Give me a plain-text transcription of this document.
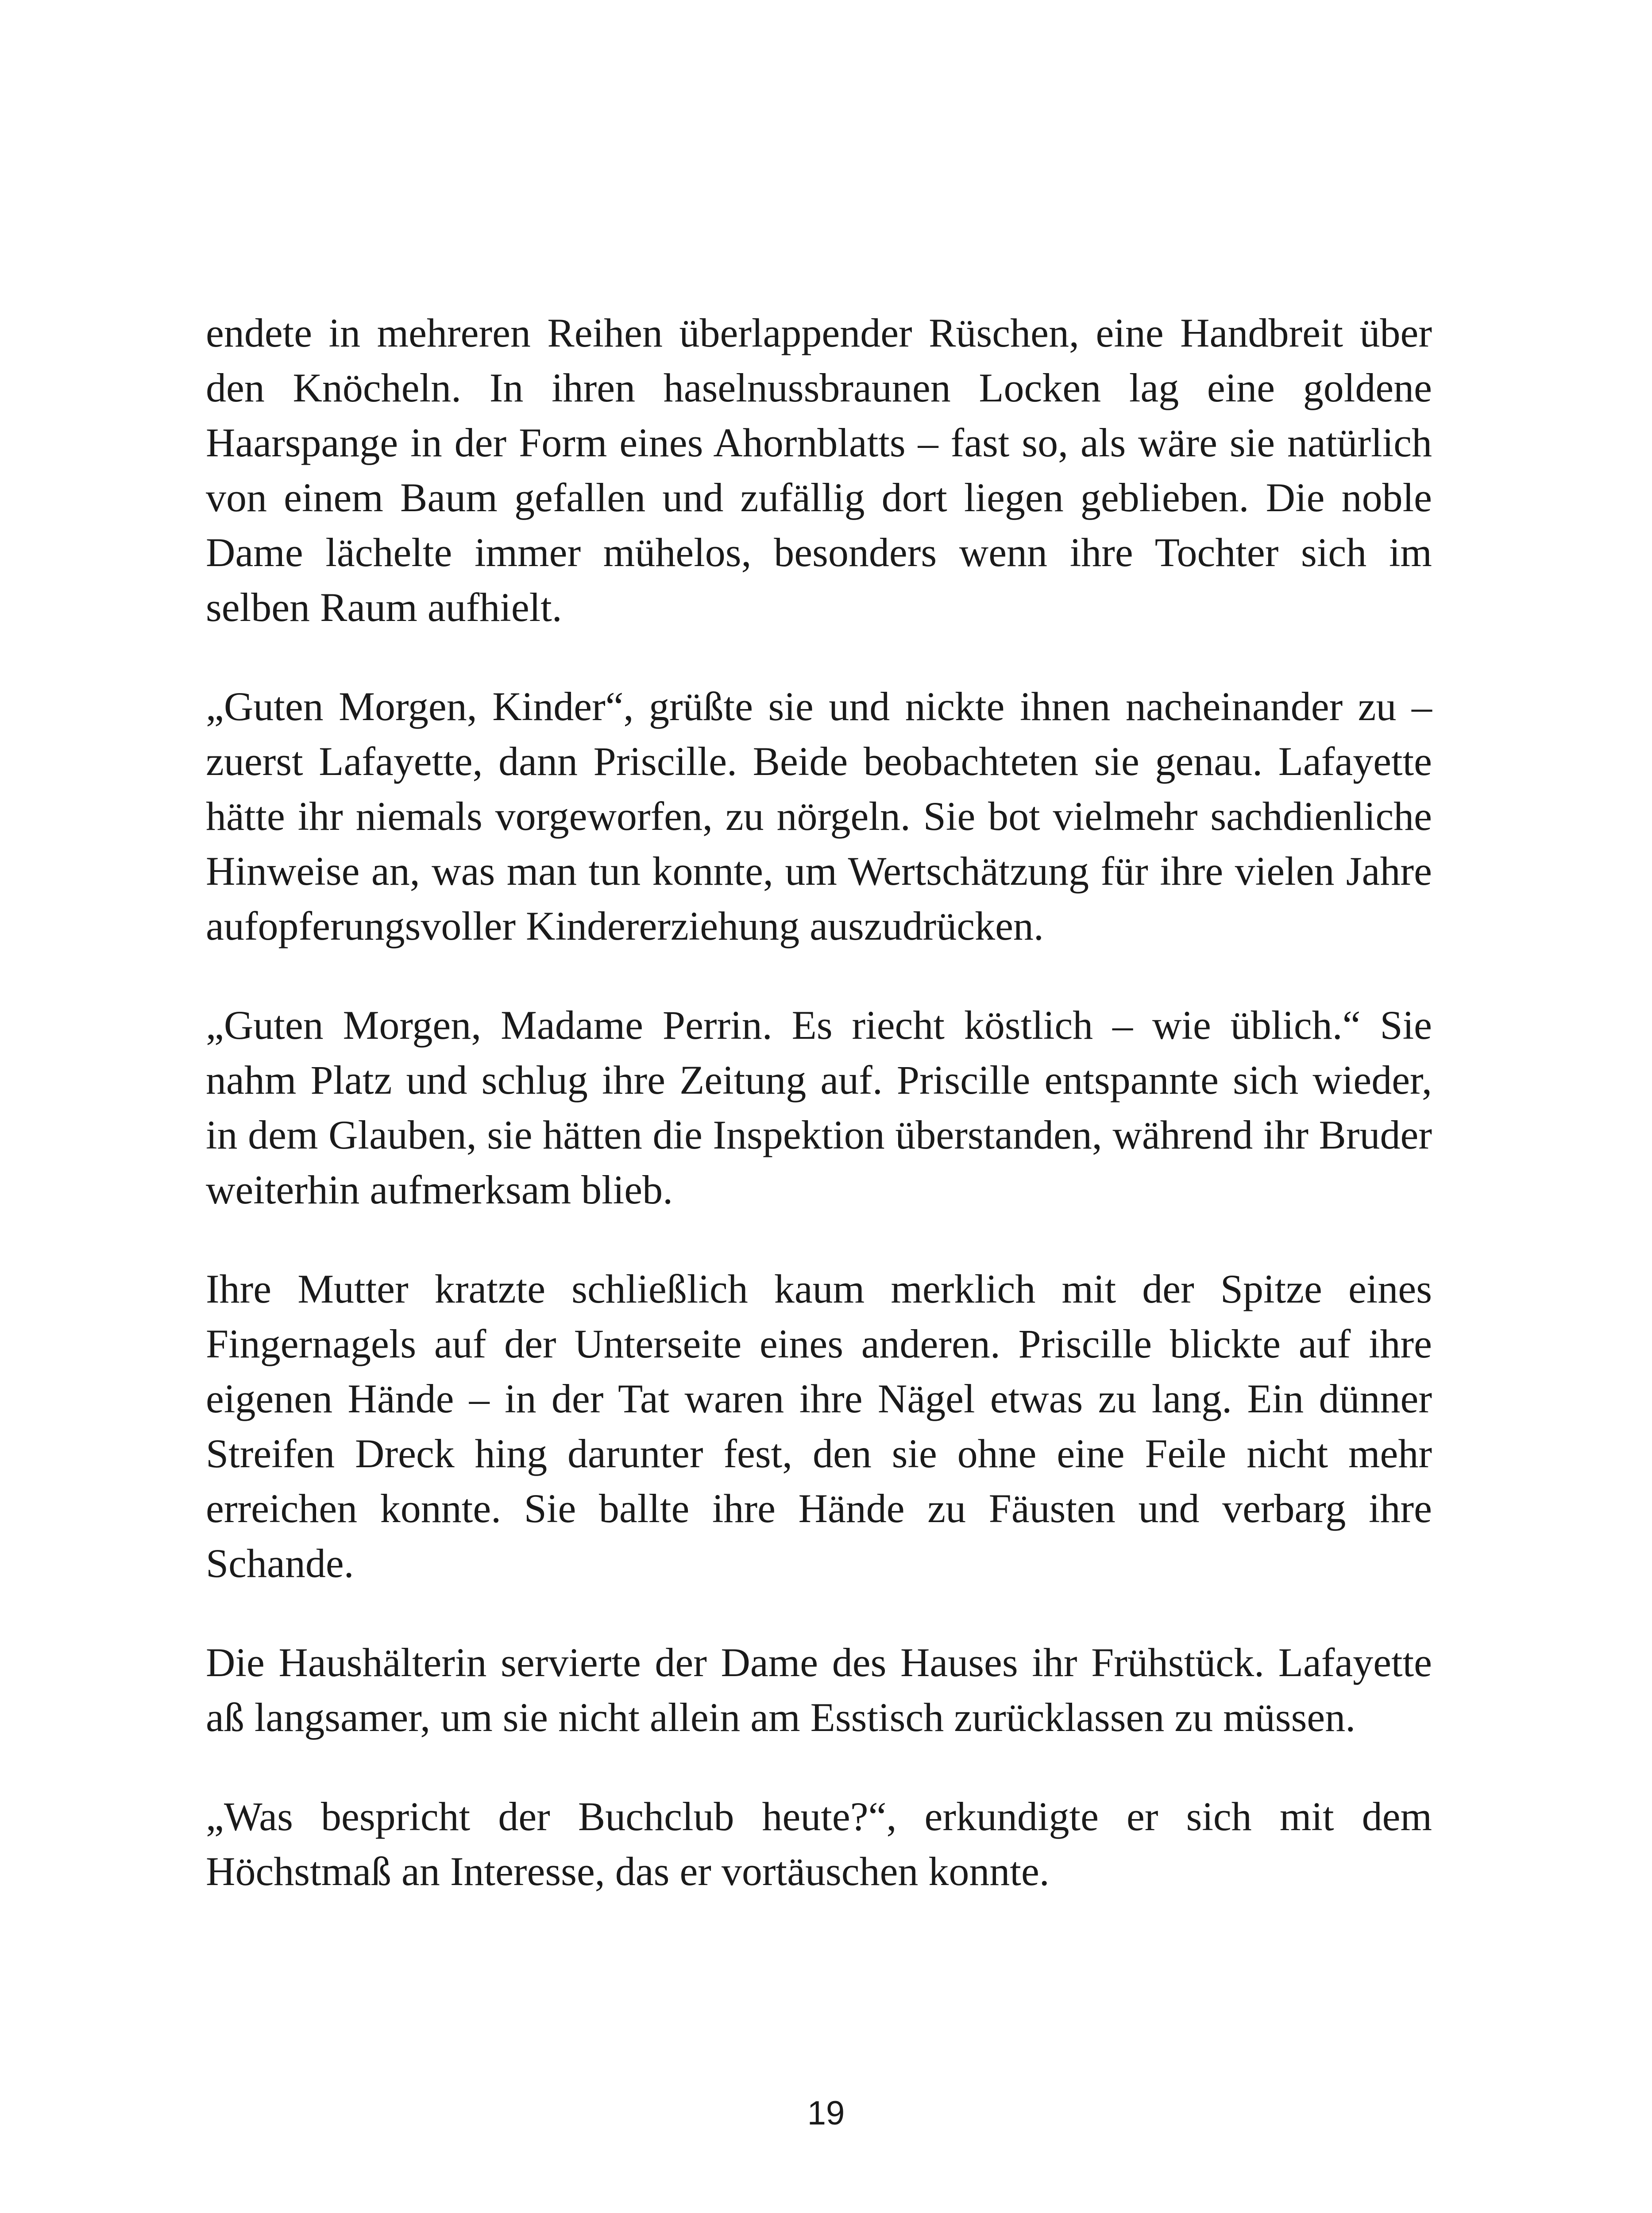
endete in mehreren Reihen überlappender Rüschen, eine Handbreit über den Knöcheln. In ihren haselnussbraunen Locken lag eine goldene Haarspange in der Form eines Ahornblatts – fast so, als wäre sie natürlich von einem Baum gefallen und zufällig dort liegen geblieben. Die noble Dame lächelte immer mühelos, besonders wenn ihre Tochter sich im selben Raum aufhielt.

„Guten Morgen, Kinder“, grüßte sie und nickte ihnen nacheinander zu – zuerst Lafayette, dann Priscille. Beide beobachteten sie genau. Lafayette hätte ihr niemals vorgeworfen, zu nörgeln. Sie bot vielmehr sachdienliche Hinweise an, was man tun konnte, um Wertschätzung für ihre vielen Jahre aufopferungsvoller Kindererziehung auszudrücken.

„Guten Morgen, Madame Perrin. Es riecht köstlich – wie üblich.“ Sie nahm Platz und schlug ihre Zeitung auf. Priscille entspannte sich wieder, in dem Glauben, sie hätten die Inspektion überstanden, während ihr Bruder weiterhin aufmerksam blieb.

Ihre Mutter kratzte schließlich kaum merklich mit der Spitze eines Fingernagels auf der Unterseite eines anderen. Priscille blickte auf ihre eigenen Hände – in der Tat waren ihre Nägel etwas zu lang. Ein dünner Streifen Dreck hing darunter fest, den sie ohne eine Feile nicht mehr erreichen konnte. Sie ballte ihre Hände zu Fäusten und verbarg ihre Schande.

Die Haushälterin servierte der Dame des Hauses ihr Frühstück. Lafayette aß langsamer, um sie nicht allein am Esstisch zurücklassen zu müssen.

„Was bespricht der Buchclub heute?“, erkundigte er sich mit dem Höchstmaß an Interesse, das er vortäuschen konnte.

19
